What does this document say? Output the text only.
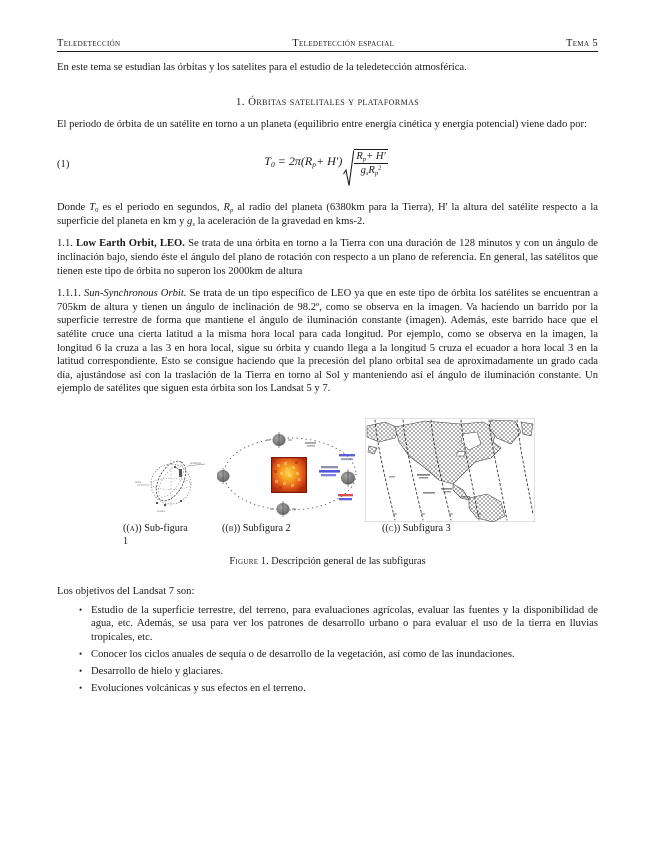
Teledetección	Teledetección espacial	Tema 5

En este tema se estudian las órbitas y los satelites para el estudio de la teledetección atmosférica.

1. Órbitas satelitales y plataformas

El periodo de órbita de un satélite en torno a un planeta (equilibrio entre energía cinética y energía potencial) viene dado por:

(1)	$T_0 = 2\pi(R_p+ H') \frac{R_p+ H'}{g_sR_p^2}$

Donde $T_0$ es el periodo en segundos, $R_p$ al radio del planeta (6380km para la Tierra), H' la altura del satélite respecto a la superficie del planeta en km y $g_s$ la aceleración de la gravedad en kms-2.

1.1. Low Earth Orbit, LEO. Se trata de una órbita en torno a la Tierra con una duración de 128 minutos y con un ángulo de inclinación bajo, siendo éste el ángulo del plano de rotación con respecto a un plano de referencia. En general, las satélitos que tienen este tipo de órbita no superon los 2000km de altura

1.1.1. Sun-Synchronous Orbit. Se trata de un tipo específico de LEO ya que en este tipo de órbita los satélites se encuentran a 705km de altura y tienen un ángulo de inclinación de 98.2º, como se observa en la imagen. Va haciendo un barrido por la superficie terrestre de forma que mantiene el ángulo de iluminación constante (imagen). Además, este barrido hace que el satélite cruce una cierta latitud a la misma hora local para cada longitud. Por ejemplo, como se observa en la imagen, la longitud 6 la cruza a las 3 en hora local, sigue su órbita y cuando llega a la longitud 5 cruza el ecuador a hora local 3 en la latitud correspondiente. Esto se consigue haciendo que la precesión del plano orbital sea de aproximadamente un grado cada día, ajustándose así con la traslación de la Tierra en torno al Sol y manteniendo así el ángulo de iluminación constante. Un ejemplo de satélites que siguen esta órbita son los Landsat 5 y 7.

inclinación
órbita
ecuador
((a)) Sub-figura 1
((b)) Subfigura 2	((c)) Subfigura 3
Figure 1. Descripción general de las subfiguras

Los objetivos del Landsat 7 son:

• Estudio de la superficie terrestre, del terreno, para evaluaciones agrícolas, evaluar las fuentes y la disponibilidad de agua, etc. Además, se usa para ver los patrones de desarrollo urbano o para evaluar el uso de la tierra en lluvias tropicales, etc.
• Conocer los ciclos anuales de sequía o de desarrollo de la vegetación, así como de las inundaciones.
• Desarrollo de hielo y glaciares.
• Evoluciones volcánicas y sus efectos en el terreno.
